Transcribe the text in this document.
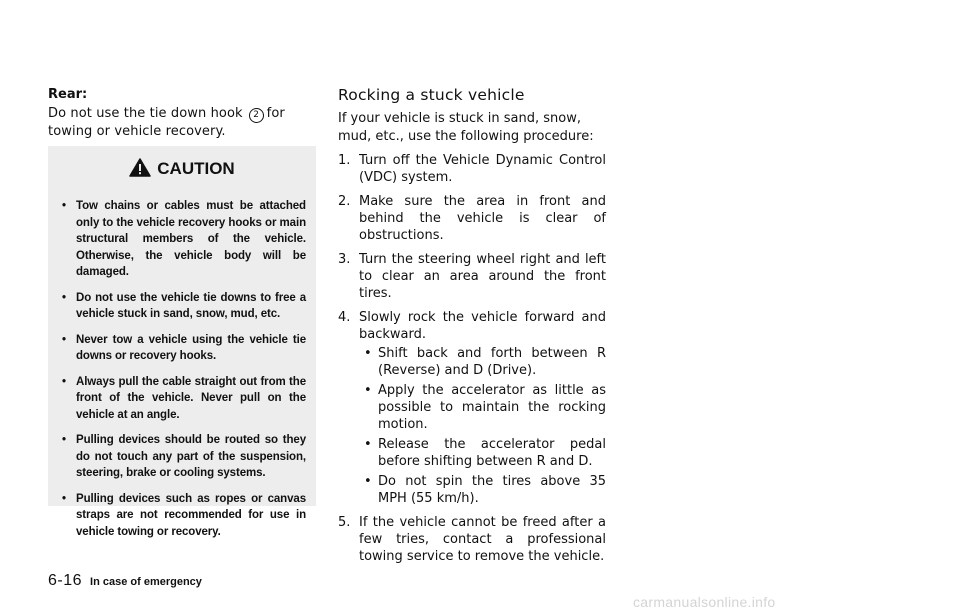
Rear:
Do not use the tie down hook 2 for towing or vehicle recovery.
CAUTION
• Tow chains or cables must be attached only to the vehicle recovery hooks or main structural members of the vehicle. Otherwise, the vehicle body will be damaged.
• Do not use the vehicle tie downs to free a vehicle stuck in sand, snow, mud, etc.
• Never tow a vehicle using the vehicle tie downs or recovery hooks.
• Always pull the cable straight out from the front of the vehicle. Never pull on the vehicle at an angle.
• Pulling devices should be routed so they do not touch any part of the suspension, steering, brake or cooling systems.
• Pulling devices such as ropes or canvas straps are not recommended for use in vehicle towing or recovery.
Rocking a stuck vehicle

If your vehicle is stuck in sand, snow, mud, etc., use the following procedure:

1. Turn off the Vehicle Dynamic Control (VDC) system.
2. Make sure the area in front and behind the vehicle is clear of obstructions.
3. Turn the steering wheel right and left to clear an area around the front tires.
4. Slowly rock the vehicle forward and backward.
• Shift back and forth between R (Reverse) and D (Drive).
• Apply the accelerator as little as possible to maintain the rocking motion.
• Release the accelerator pedal before shifting between R and D.
• Do not spin the tires above 35 MPH (55 km/h).
5. If the vehicle cannot be freed after a few tries, contact a professional towing service to remove the vehicle.
6-16 In case of emergency
carmanualsonline.info
